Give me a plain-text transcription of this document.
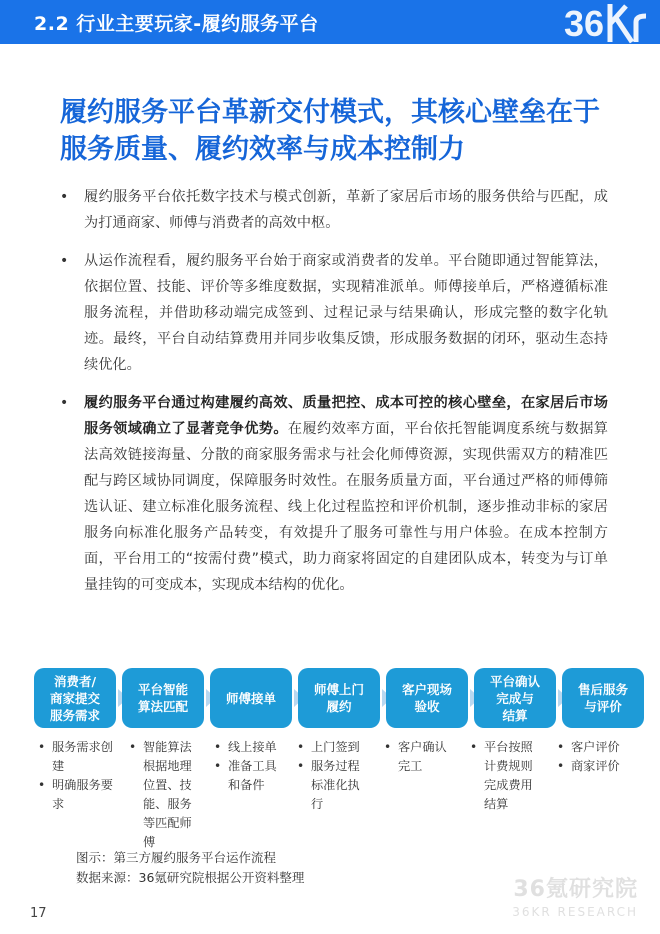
2.2 行业主要玩家-履约服务平台	36
履约服务平台革新交付模式，其核心壁垒在于
服务质量、履约效率与成本控制力
• 履约服务平台依托数字技术与模式创新，革新了家居后市场的服务供给与匹配，成为打通商家、师傅与消费者的高效中枢。
• 从运作流程看，履约服务平台始于商家或消费者的发单。平台随即通过智能算法，依据位置、技能、评价等多维度数据，实现精准派单。师傅接单后，严格遵循标准服务流程，并借助移动端完成签到、过程记录与结果确认，形成完整的数字化轨迹。最终，平台自动结算费用并同步收集反馈，形成服务数据的闭环，驱动生态持续优化。
• 履约服务平台通过构建履约高效、质量把控、成本可控的核心壁垒，在家居后市场服务领域确立了显著竞争优势。在履约效率方面，平台依托智能调度系统与数据算法高效链接海量、分散的商家服务需求与社会化师傅资源，实现供需双方的精准匹配与跨区域协同调度，保障服务时效性。在服务质量方面，平台通过严格的师傅筛选认证、建立标准化服务流程、线上化过程监控和评价机制，逐步推动非标的家居服务向标准化服务产品转变，有效提升了服务可靠性与用户体验。在成本控制方面，平台用工的“按需付费”模式，助力商家将固定的自建团队成本，转变为与订单量挂钩的可变成本，实现成本结构的优化。
消费者/
商家提交
服务需求
平台智能
算法匹配
师傅接单
师傅上门
履约
客户现场
验收
平台确认
完成与
结算
售后服务
与评价
• 服务需求创建
• 明确服务要求
• 智能算法根据地理位置、技能、服务等匹配师傅
• 线上接单
• 准备工具和备件
• 上门签到
• 服务过程标准化执行
• 客户确认完工
• 平台按照计费规则完成费用结算
• 客户评价
• 商家评价
图示：第三方履约服务平台运作流程
数据来源：36氪研究院根据公开资料整理	36氪研究院
36KR RESEARCH
17
